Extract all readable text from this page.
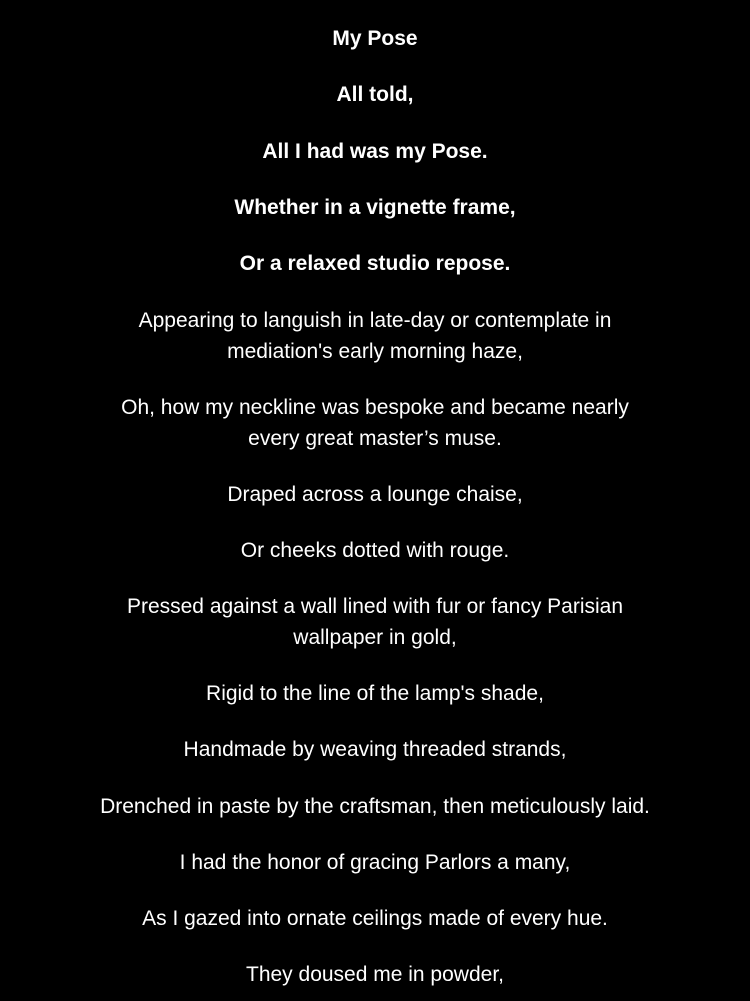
My Pose

All told,

All I had was my Pose.

Whether in a vignette frame,

Or a relaxed studio repose.

Appearing to languish in late-day or contemplate in

mediation's early morning haze,

Oh, how my neckline was bespoke and became nearly

every great master’s muse.

Draped across a lounge chaise,

Or cheeks dotted with rouge.

Pressed against a wall lined with fur or fancy Parisian

wallpaper in gold,

Rigid to the line of the lamp's shade,

Handmade by weaving threaded strands,

Drenched in paste by the craftsman, then meticulously laid.

I had the honor of gracing Parlors a many,

As I gazed into ornate ceilings made of every hue.

They doused me in powder,
